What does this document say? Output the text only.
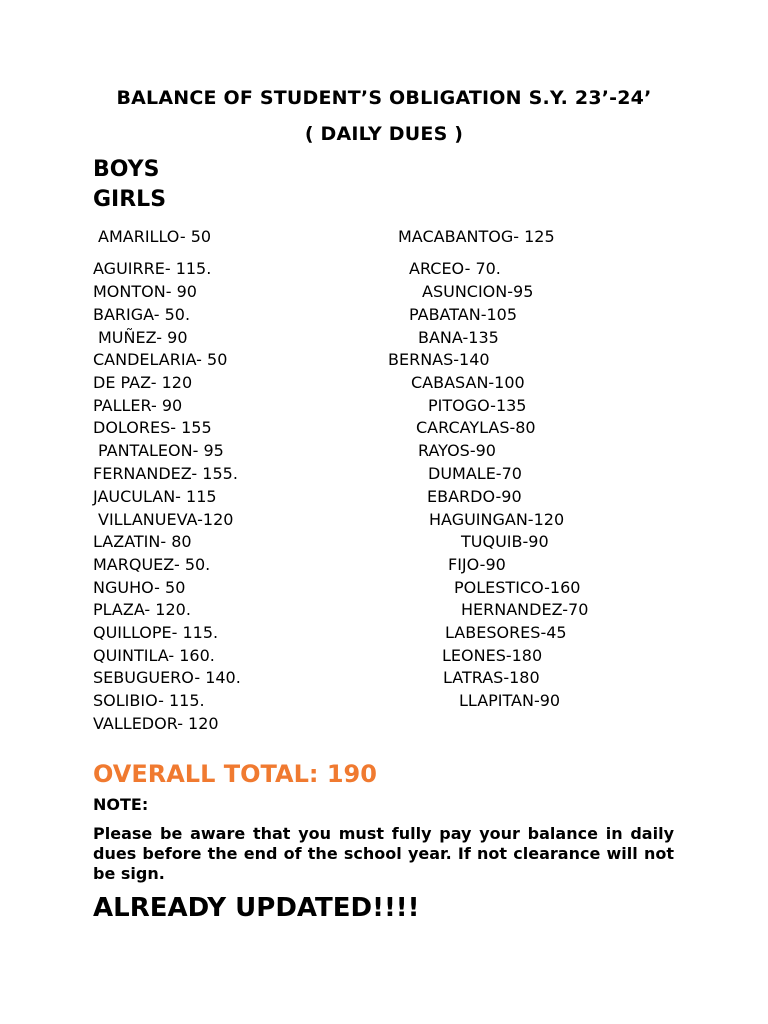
BALANCE OF STUDENT’S OBLIGATION S.Y. 23’-24’
( DAILY DUES )
BOYS
GIRLS
AMARILLO- 50
AGUIRRE- 115.
MONTON- 90
BARIGA- 50.
MUÑEZ- 90
CANDELARIA- 50
DE PAZ- 120
PALLER- 90
DOLORES- 155
PANTALEON- 95
FERNANDEZ- 155.
JAUCULAN- 115
VILLANUEVA-120
LAZATIN- 80
MARQUEZ- 50.
NGUHO- 50
PLAZA- 120.
QUILLOPE- 115.
QUINTILA- 160.
SEBUGUERO- 140.
SOLIBIO- 115.
VALLEDOR- 120
MACABANTOG- 125
ARCEO- 70.
ASUNCION-95
PABATAN-105
BANA-135
BERNAS-140
CABASAN-100
PITOGO-135
CARCAYLAS-80
RAYOS-90
DUMALE-70
EBARDO-90
HAGUINGAN-120
TUQUIB-90
FIJO-90
POLESTICO-160
HERNANDEZ-70
LABESORES-45
LEONES-180
LATRAS-180
LLAPITAN-90
OVERALL TOTAL: 190
NOTE:
Please be aware that you must fully pay your balance in daily dues before the end of the school year. If not clearance will not be sign.
ALREADY UPDATED!!!!
